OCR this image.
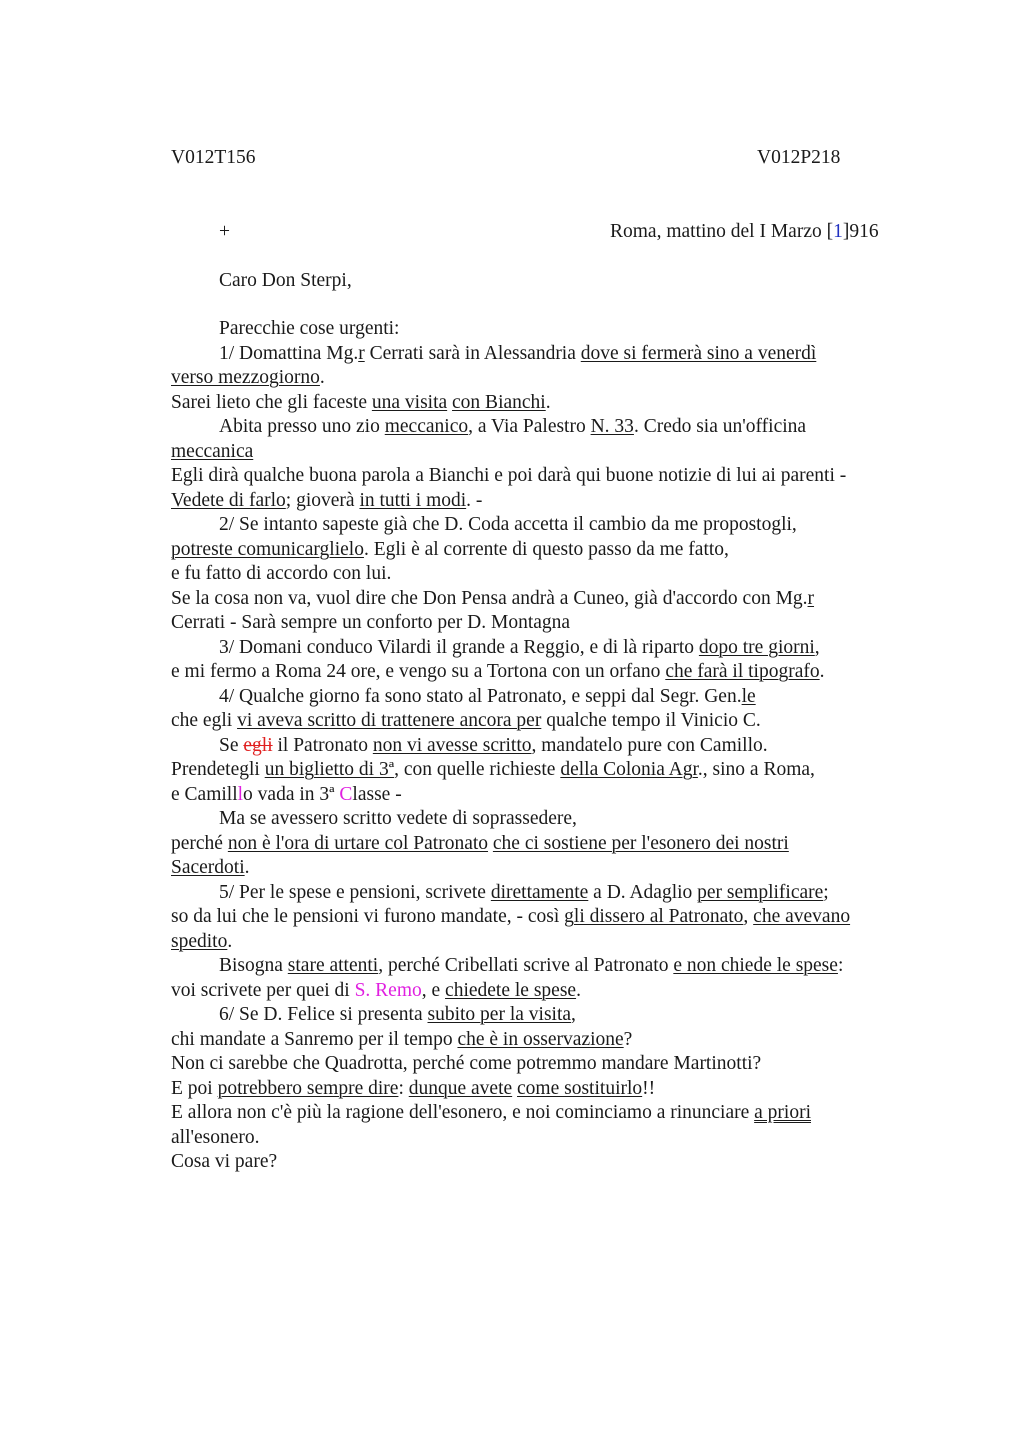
V012T156	V012P218
+	Roma, mattino del I Marzo [1]916
Caro Don Sterpi,
Parecchie cose urgenti:
1/ Domattina Mg.r Cerrati sarà in Alessandria dove si fermerà sino a venerdì
verso mezzogiorno.
Sarei lieto che gli faceste una visita con Bianchi.
Abita presso uno zio meccanico, a Via Palestro N. 33. Credo sia un'officina
meccanica
Egli dirà qualche buona parola a Bianchi e poi darà qui buone notizie di lui ai parenti -
Vedete di farlo; gioverà in tutti i modi. -
2/ Se intanto sapeste già che D. Coda accetta il cambio da me propostogli,
potreste comunicarglielo. Egli è al corrente di questo passo da me fatto,
e fu fatto di accordo con lui.
Se la cosa non va, vuol dire che Don Pensa andrà a Cuneo, già d'accordo con Mg.r
Cerrati - Sarà sempre un conforto per D. Montagna
3/ Domani conduco Vilardi il grande a Reggio, e di là riparto dopo tre giorni,
e mi fermo a Roma 24 ore, e vengo su a Tortona con un orfano che farà il tipografo.
4/ Qualche giorno fa sono stato al Patronato, e seppi dal Segr. Gen.le
che egli vi aveva scritto di trattenere ancora per qualche tempo il Vinicio C.
Se egli il Patronato non vi avesse scritto, mandatelo pure con Camillo.
Prendetegli un biglietto di 3ª, con quelle richieste della Colonia Agr., sino a Roma,
e Camilllo vada in 3ª Classe -
Ma se avessero scritto vedete di soprassedere,
perché non è l'ora di urtare col Patronato che ci sostiene per l'esonero dei nostri
Sacerdoti.
5/ Per le spese e pensioni, scrivete direttamente a D. Adaglio per semplificare;
so da lui che le pensioni vi furono mandate, - così gli dissero al Patronato, che avevano
spedito.
Bisogna stare attenti, perché Cribellati scrive al Patronato e non chiede le spese:
voi scrivete per quei di S. Remo, e chiedete le spese.
6/ Se D. Felice si presenta subito per la visita,
chi mandate a Sanremo per il tempo che è in osservazione?
Non ci sarebbe che Quadrotta, perché come potremmo mandare Martinotti?
E poi potrebbero sempre dire: dunque avete come sostituirlo!!
E allora non c'è più la ragione dell'esonero, e noi cominciamo a rinunciare a priori
all'esonero.
Cosa vi pare?
